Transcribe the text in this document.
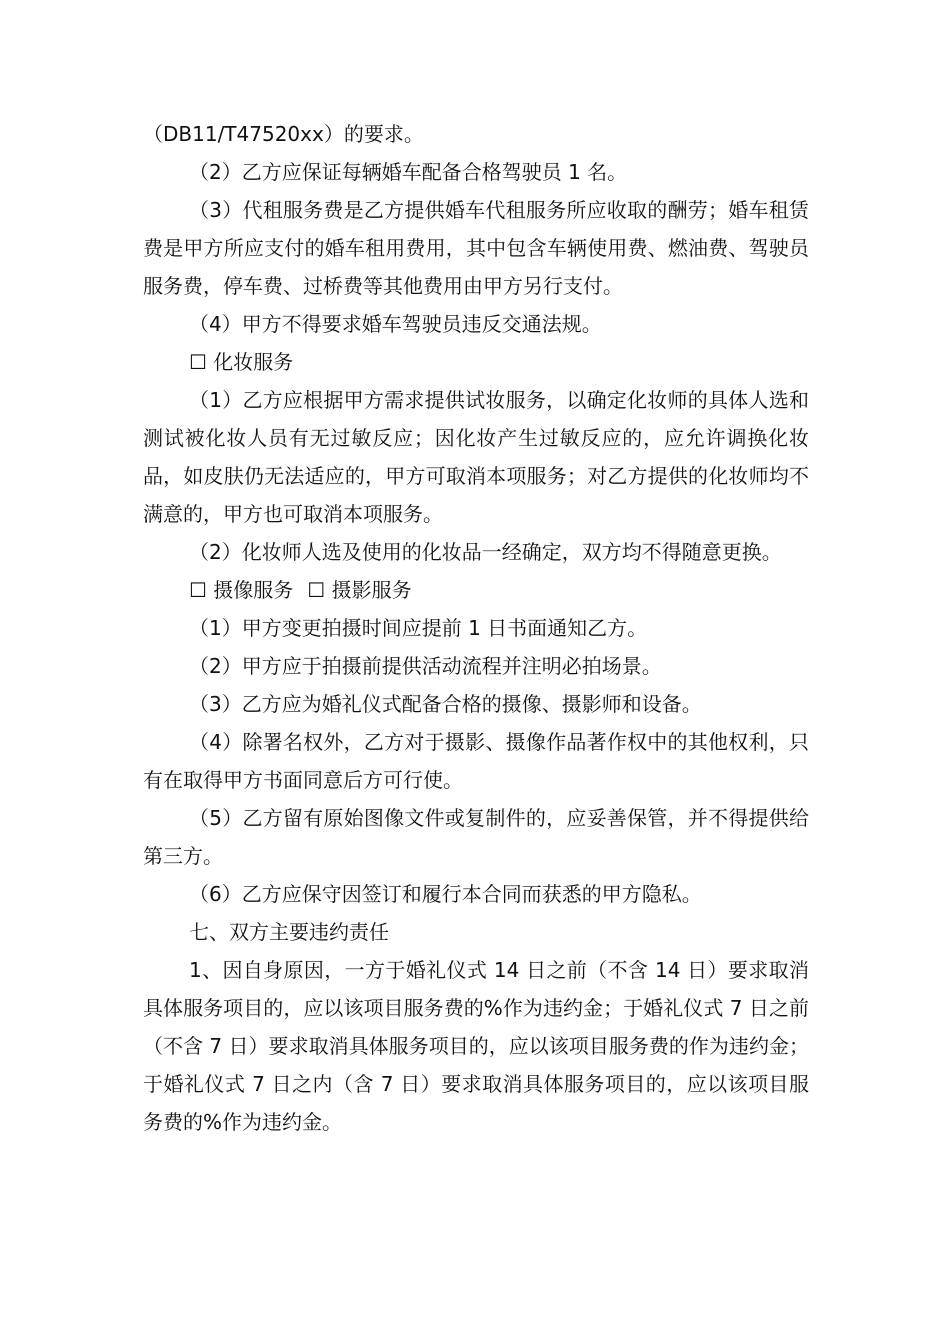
（DB11/T47520xx）的要求。

（2）乙方应保证每辆婚车配备合格驾驶员 1 名。

（3）代租服务费是乙方提供婚车代租服务所应收取的酬劳；婚车租赁费是甲方所应支付的婚车租用费用，其中包含车辆使用费、燃油费、驾驶员服务费，停车费、过桥费等其他费用由甲方另行支付。

（4）甲方不得要求婚车驾驶员违反交通法规。

☐ 化妆服务

（1）乙方应根据甲方需求提供试妆服务，以确定化妆师的具体人选和测试被化妆人员有无过敏反应；因化妆产生过敏反应的，应允许调换化妆品，如皮肤仍无法适应的，甲方可取消本项服务；对乙方提供的化妆师均不满意的，甲方也可取消本项服务。

（2）化妆师人选及使用的化妆品一经确定，双方均不得随意更换。

☐ 摄像服务 ☐ 摄影服务

（1）甲方变更拍摄时间应提前 1 日书面通知乙方。

（2）甲方应于拍摄前提供活动流程并注明必拍场景。

（3）乙方应为婚礼仪式配备合格的摄像、摄影师和设备。

（4）除署名权外，乙方对于摄影、摄像作品著作权中的其他权利，只有在取得甲方书面同意后方可行使。

（5）乙方留有原始图像文件或复制件的，应妥善保管，并不得提供给第三方。

（6）乙方应保守因签订和履行本合同而获悉的甲方隐私。

七、双方主要违约责任

1、因自身原因，一方于婚礼仪式 14 日之前（不含 14 日）要求取消具体服务项目的，应以该项目服务费的%作为违约金；于婚礼仪式 7 日之前（不含 7 日）要求取消具体服务项目的，应以该项目服务费的作为违约金；于婚礼仪式 7 日之内（含 7 日）要求取消具体服务项目的，应以该项目服务费的%作为违约金。
